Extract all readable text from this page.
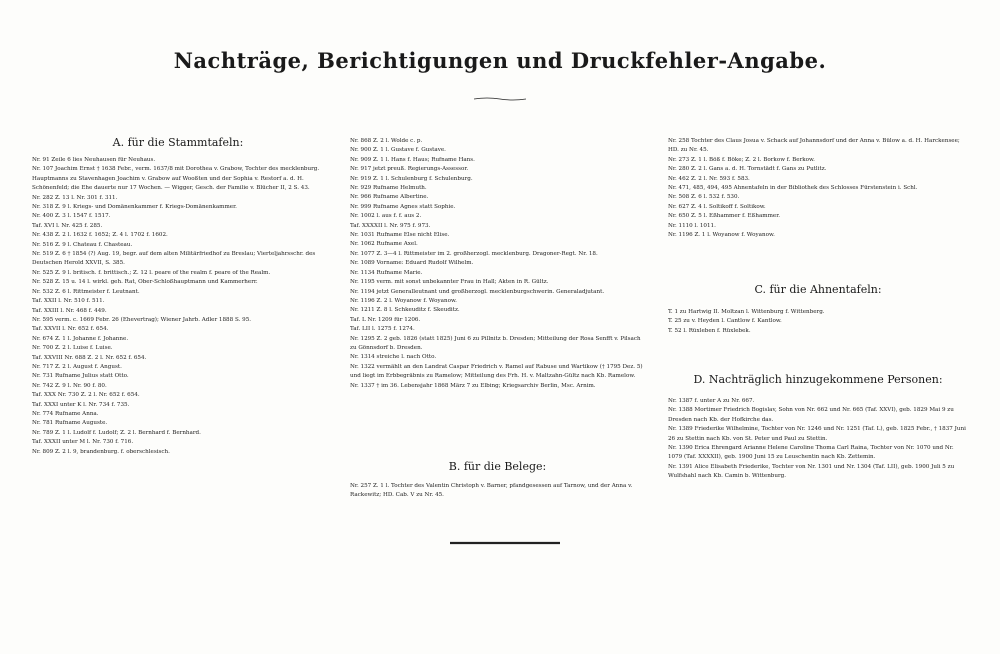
Nachträge, Berichtigungen und Druckfehler-Angabe.
A. für die Stammtafeln:
Nr. 91 Zeile 6 lies Neuhausen für Neuhaus.
Nr. 107 Joachim Ernst † 1638 Febr., verm. 1637/8 mit Dorothea v. Grabow, Tochter des mecklenburg. Hauptmanns zu Stavenhagen Joachim v. Grabow auf Wooßten und der Sophia v. Restorf a. d. H. Schönenfeld; die Ehe dauerte nur 17 Wochen. — Wigger, Gesch. der Familie v. Blücher II, 2 S. 43.
Nr. 282 Z. 13 l. Nr. 301 f. 311.
Nr. 318 Z. 9 l. Kriegs- und Domänenkammer f. Kriegs-Domänenkammer.
Nr. 400 Z. 3 l. 1547 f. 1517.
Taf. XVI l. Nr. 425 f. 285.
Nr. 438 Z. 2 l. 1632 f. 1652; Z. 4 l. 1702 f. 1602.
Nr. 516 Z. 9 l. Chateau f. Chasteau.
Nr. 519 Z. 6 † 1854 (?) Aug. 19, begr. auf dem alten Militärfriedhof zu Breslau; Vierteljahrsschr. des Deutschen Herold XXVII, S. 385.
Nr. 525 Z. 9 l. britisch. f. brittisch.; Z. 12 l. peare of the realm f. peare of the Realm.
Nr. 528 Z. 15 u. 14 l. wirkl. geh. Rat, Ober-Schloßhauptmann und Kammerherr.
Nr. 532 Z. 6 l. Rittmeister f. Leutnant.
Taf. XXII l. Nr. 510 f. 511.
Taf. XXIII l. Nr. 468 f. 449.
Nr. 595 verm. c. 1669 Febr. 26 (Ehevertrag); Wiener Jahrb. Adler 1888 S. 95.
Taf. XXVII l. Nr. 652 f. 654.
Nr. 674 Z. 1 l. Johanne f. Johanne.
Nr. 700 Z. 2 l. Luise f. Luise.
Taf. XXVIII Nr. 688 Z. 2 l. Nr. 652 f. 654.
Nr. 717 Z. 2 l. August f. Angust.
Nr. 731 Rufname Julius statt Otto.
Nr. 742 Z. 9 l. Nr. 90 f. 80.
Taf. XXX Nr. 730 Z. 2 l. Nr. 652 f. 654.
Taf. XXXI unter K l. Nr. 734 f. 735.
Nr. 774 Rufname Anna.
Nr. 781 Rufname Auguste.
Nr. 789 Z. 1 l. Ludolf f. Ludolf; Z. 2 l. Bernhard f. Bernhard.
Taf. XXXII unter M l. Nr. 730 f. 716.
Nr. 809 Z. 2 l. 9, brandenburg. f. oberschlesisch.
Nr. 868 Z. 2 l. Wolde c. p.
Nr. 900 Z. 1 l. Gustave f. Gustave.
Nr. 909 Z. 1 l. Hans f. Haus; Rufname Hans.
Nr. 917 jetzt preuß. Regierungs-Assessor.
Nr. 919 Z. 1 l. Schulenburg f. Schulenburg.
Nr. 929 Rufname Helmuth.
Nr. 966 Rufname Albertine.
Nr. 999 Rufname Agnes statt Sophie.
Nr. 1002 l. aus f. f. aus 2.
Taf. XXXXII l. Nr. 975 f. 973.
Nr. 1031 Rufname Else nicht Elise.
Nr. 1062 Rufname Axel.
Nr. 1077 Z. 3—4 l. Rittmeister im 2. großherzogl. mecklenburg. Dragoner-Regt. Nr. 18.
Nr. 1089 Vorname: Eduard Rudolf Wilhelm.
Nr. 1134 Rufname Marie.
Nr. 1195 verm. mit sonst unbekannter Frau in Hall; Akten in R. Gültz.
Nr. 1194 jetzt Generalleutnant und großherzogl. mecklenburgschwerin. Generaladjutant.
Nr. 1196 Z. 2 l. Woyanow f. Woyanow.
Nr. 1211 Z. 8 l. Schkeuditz f. Skeuditz.
Taf. L Nr. 1209 für 1206.
Taf. LII l. 1275 f. 1274.
Nr. 1295 Z. 2 geb. 1826 (statt 1825) Juni 6 zu Pillnitz b. Dresden; Mitteilung der Rosa Senfft v. Pilsach zu Gönnsdorf b. Dresden.
Nr. 1314 streiche l. nach Otto.
Nr. 1322 vermählt an den Landrat Caspar Friedrich v. Ramel auf Rabuse und Wartikow († 1795 Dez. 5) und liegt im Erbbegräbnis zu Ramelow; Mitteilung des Frh. H. v. Maltzahn-Gültz nach Kb. Ramelow.
Nr. 1337 † im 36. Lebensjahr 1868 März 7 zu Elbing; Kriegsarchiv Berlin, Msc. Arnim.
B. für die Belege:
Nr. 257 Z. 1 l. Tochter des Valentin Christoph v. Barner, pfandgesessen auf Tarnow, und der Anna v. Rackewitz; HD. Cab. V zu Nr. 45.
Nr. 258 Tochter des Claus Josua v. Schack auf Johannsdorf und der Anna v. Bülow a. d. H. Harckensee; HD. zu Nr. 45.
Nr. 273 Z. 1 l. Böß f. Böke; Z. 2 l. Borkow f. Berkow.
Nr. 280 Z. 2 l. Gans a. d. H. Tornstädt f. Gans zu Putlitz.
Nr. 462 Z. 2 l. Nr. 593 f. 583.
Nr. 471, 485, 494, 495 Ahnentafeln in der Bibliothek des Schlosses Fürstenstein i. Schl.
Nr. 508 Z. 6 l. 532 f. 530.
Nr. 627 Z. 4 l. Soltikoff f. Soltikow.
Nr. 650 Z. 5 l. Eßhammer f. Eßhammer.
Nr. 1110 l. 1011.
Nr. 1196 Z. 1 l. Woyanow f. Woyanow.
C. für die Ahnentafeln:
T. 1 zu Hartwig II. Moltzan l. Wittenburg f. Wittenberg.
T. 25 zu v. Heyden l. Cantlow f. Kantlow.
T. 52 l. Rüxleben f. Rüxlebek.
D. Nachträglich hinzugekommene Personen:
Nr. 1387 f. unter A zu Nr. 667.
Nr. 1388 Mortimer Friedrich Bogislav, Sohn von Nr. 662 und Nr. 665 (Taf. XXVI), geb. 1829 Mai 9 zu Dresden nach Kb. der Hofkirche das.
Nr. 1389 Friederike Wilhelmine, Tochter von Nr. 1246 und Nr. 1251 (Taf. L), geb. 1825 Febr., † 1837 Juni 26 zu Stettin nach Kb. von St. Peter und Paul zu Stettin.
Nr. 1390 Erica Ehrengard Arianne Helene Caroline Thoma Carl Raina, Tochter von Nr. 1070 und Nr. 1079 (Taf. XXXXII), geb. 1900 Juni 15 zu Leuschentin nach Kb. Zettemin.
Nr. 1391 Alice Elisabeth Friederike, Tochter von Nr. 1301 und Nr. 1304 (Taf. LII), geb. 1900 Juli 5 zu Wulfshahl nach Kb. Camin b. Wittenburg.
